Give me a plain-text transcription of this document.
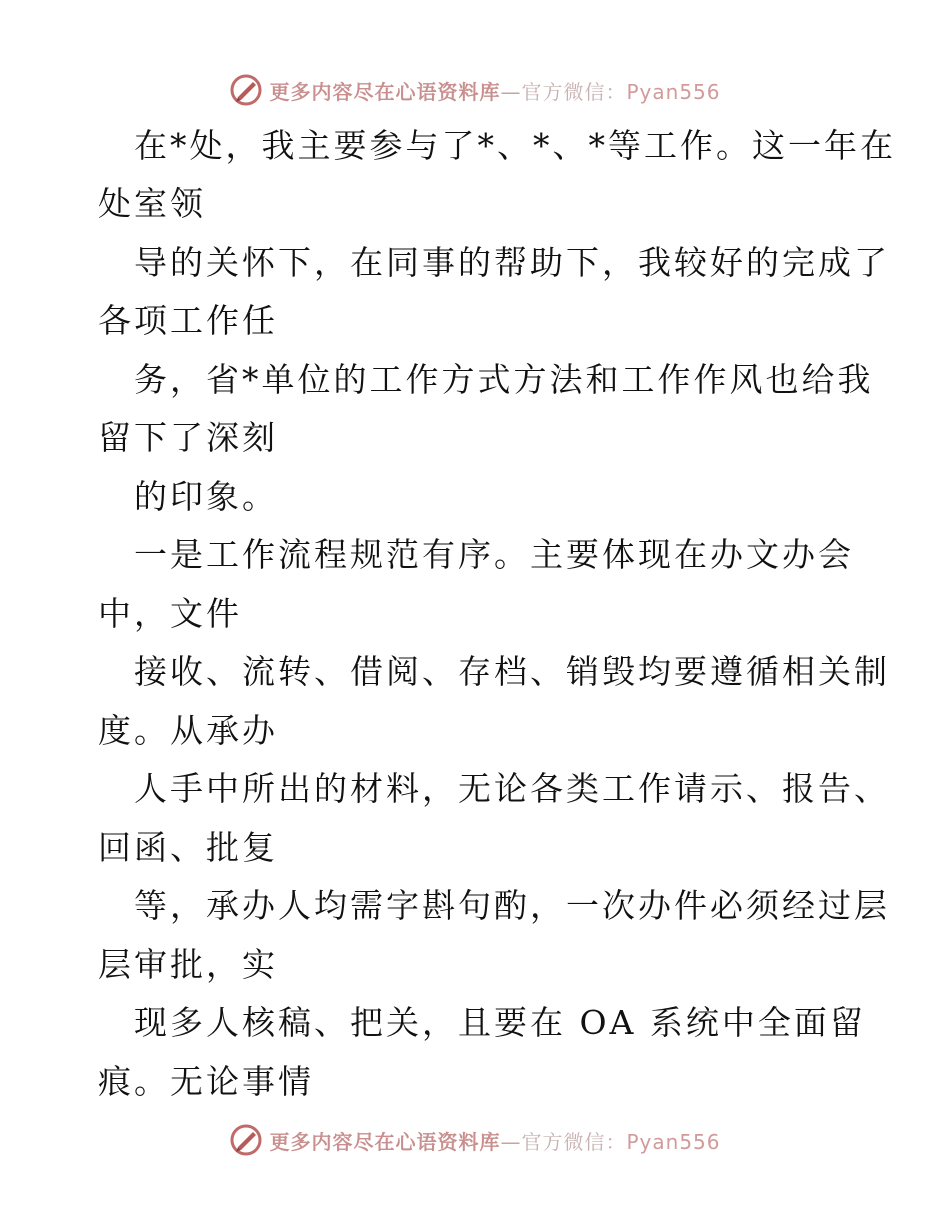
更多内容尽在心语资料库—官方微信：Pyan556
在*处，我主要参与了*、*、*等工作。这一年在
处室领
导的关怀下，在同事的帮助下，我较好的完成了
各项工作任
务，省*单位的工作方式方法和工作作风也给我
留下了深刻
的印象。
一是工作流程规范有序。主要体现在办文办会
中，文件
接收、流转、借阅、存档、销毁均要遵循相关制
度。从承办
人手中所出的材料，无论各类工作请示、报告、
回函、批复
等，承办人均需字斟句酌，一次办件必须经过层
层审批，实
现多人核稿、把关，且要在 OA 系统中全面留
痕。无论事情
更多内容尽在心语资料库—官方微信：Pyan556
